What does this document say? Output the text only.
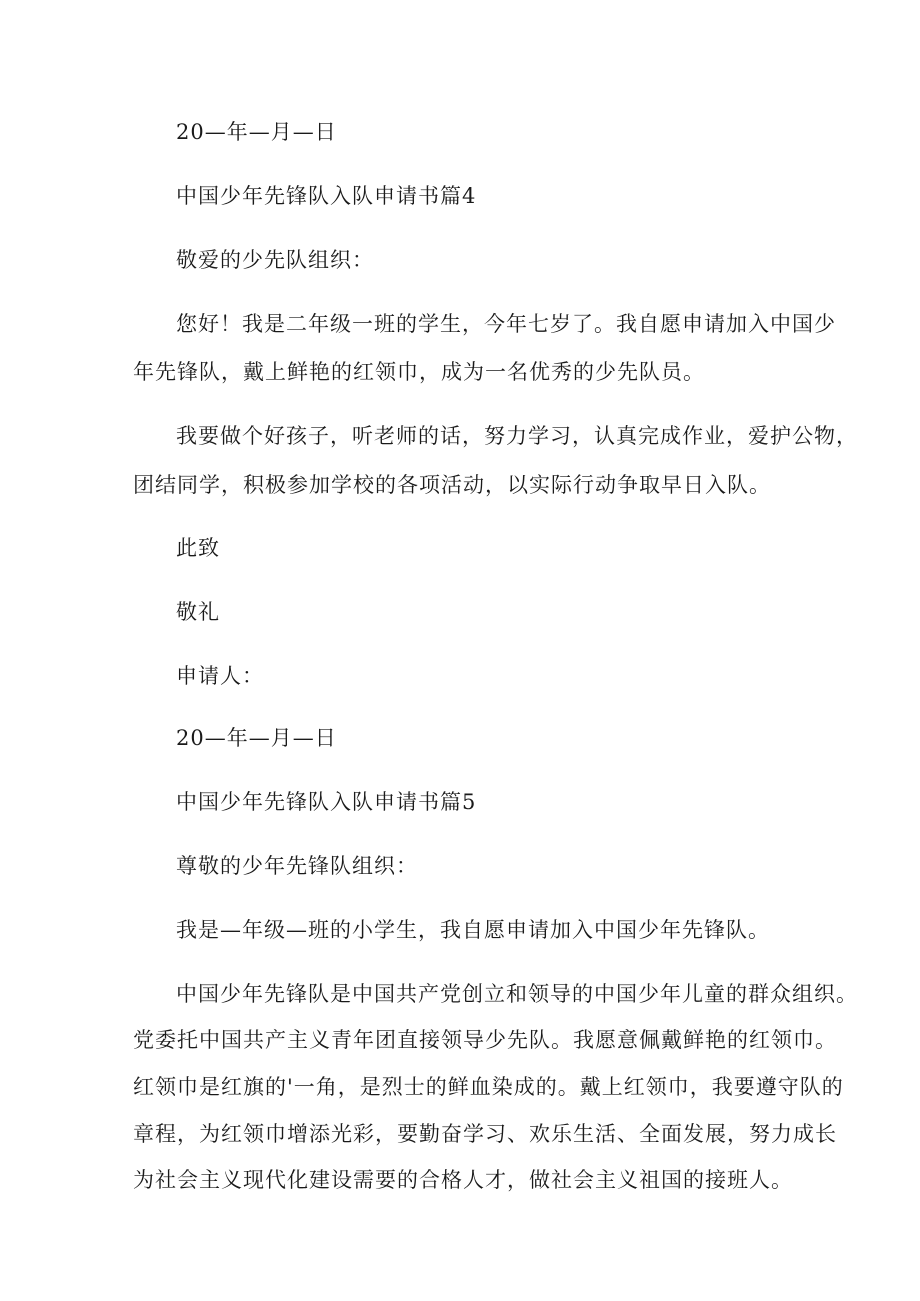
20—年—月—日

中国少年先锋队入队申请书篇4

敬爱的少先队组织：

您好！我是二年级一班的学生，今年七岁了。我自愿申请加入中国少

年先锋队，戴上鲜艳的红领巾，成为一名优秀的少先队员。

我要做个好孩子，听老师的话，努力学习，认真完成作业，爱护公物，

团结同学，积极参加学校的各项活动，以实际行动争取早日入队。

此致

敬礼

申请人：

20—年—月—日

中国少年先锋队入队申请书篇5

尊敬的少年先锋队组织：

我是—年级—班的小学生，我自愿申请加入中国少年先锋队。

中国少年先锋队是中国共产党创立和领导的中国少年儿童的群众组织。

党委托中国共产主义青年团直接领导少先队。我愿意佩戴鲜艳的红领巾。

红领巾是红旗的'一角，是烈士的鲜血染成的。戴上红领巾，我要遵守队的

章程，为红领巾增添光彩，要勤奋学习、欢乐生活、全面发展，努力成长

为社会主义现代化建设需要的合格人才，做社会主义祖国的接班人。
